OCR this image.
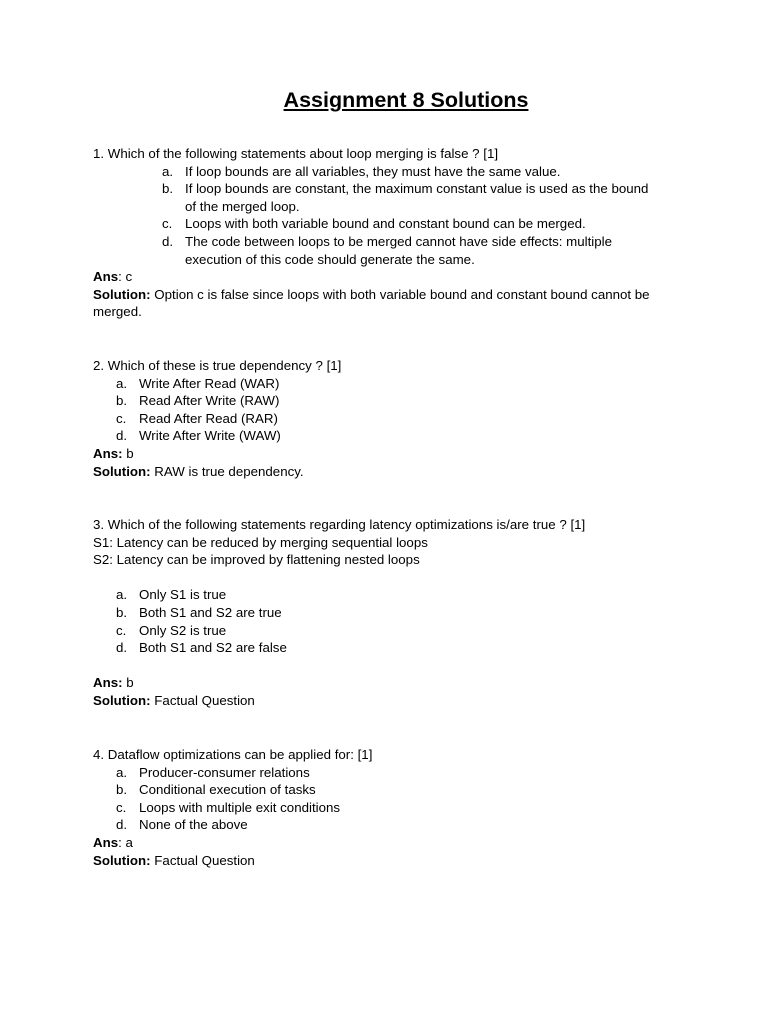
Assignment 8 Solutions
1. Which of the following statements about loop merging is false ? [1]
a. If loop bounds are all variables, they must have the same value.
b. If loop bounds are constant, the maximum constant value is used as the bound of the merged loop.
c. Loops with both variable bound and constant bound can be merged.
d. The code between loops to be merged cannot have side effects: multiple execution of this code should generate the same.
Ans: c
Solution: Option c is false since loops with both variable bound and constant bound cannot be merged.
2. Which of these is true dependency ? [1]
a. Write After Read (WAR)
b. Read After Write (RAW)
c. Read After Read (RAR)
d. Write After Write (WAW)
Ans: b
Solution: RAW is true dependency.
3. Which of the following statements regarding latency optimizations is/are true ? [1]
S1: Latency can be reduced by merging sequential loops
S2: Latency can be improved by flattening nested loops
a. Only S1 is true
b. Both S1 and S2 are true
c. Only S2 is true
d. Both S1 and S2 are false
Ans: b
Solution: Factual Question
4. Dataflow optimizations can be applied for: [1]
a. Producer-consumer relations
b. Conditional execution of tasks
c. Loops with multiple exit conditions
d. None of the above
Ans: a
Solution: Factual Question
